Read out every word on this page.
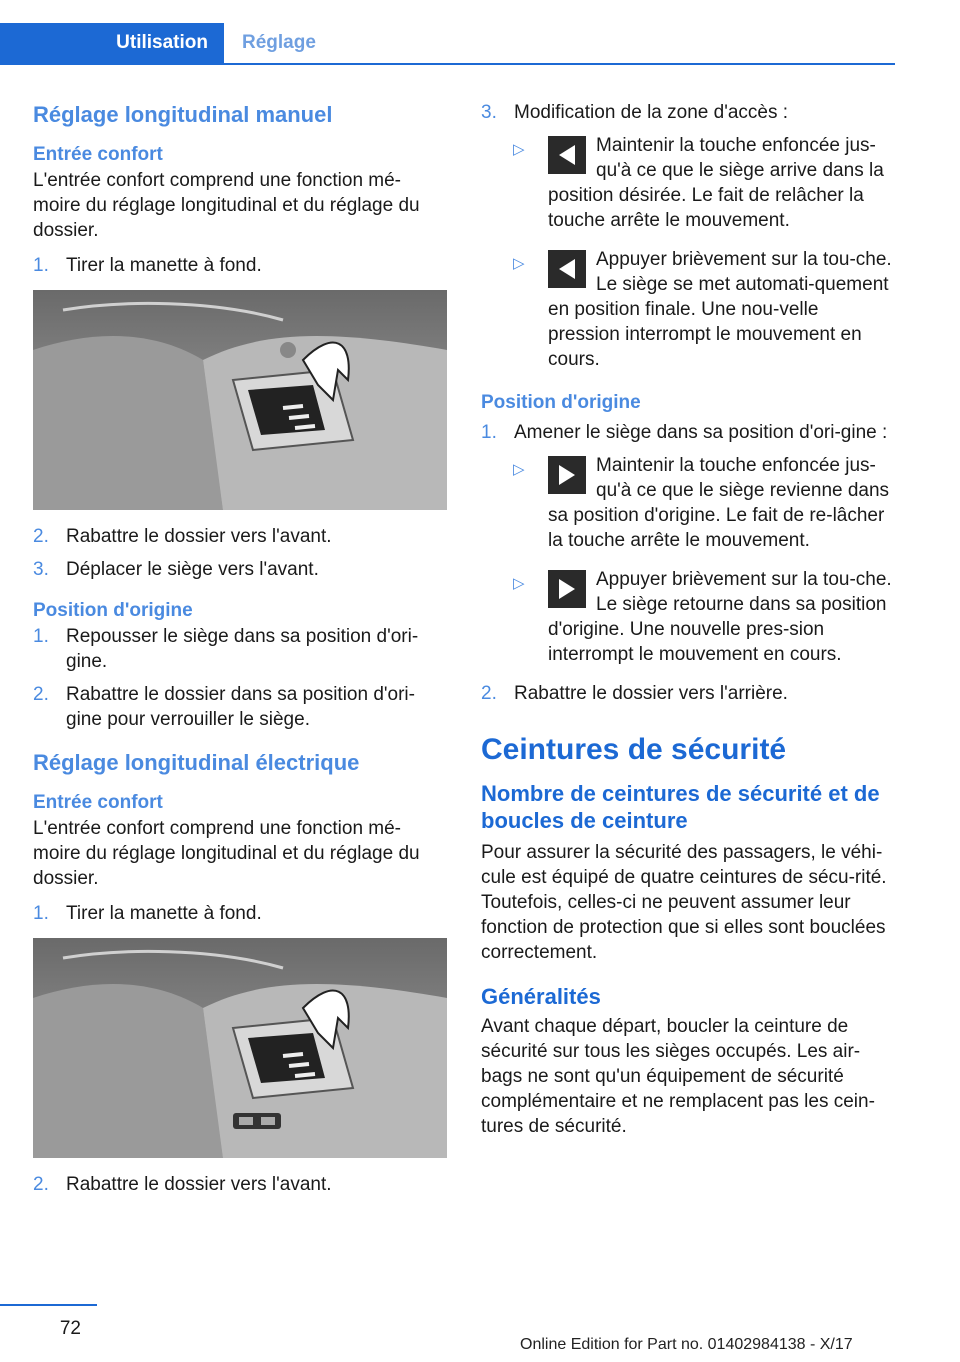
Utilisation	Réglage
Réglage longitudinal manuel
Entrée confort

L'entrée confort comprend une fonction mé‐moire du réglage longitudinal et du réglage du dossier.

1. Tirer la manette à fond.
2. Rabattre le dossier vers l'avant.
3. Déplacer le siège vers l'avant.
Position d'origine
1. Repousser le siège dans sa position d'ori‐gine.
2. Rabattre le dossier dans sa position d'ori‐gine pour verrouiller le siège.
Réglage longitudinal électrique
Entrée confort

L'entrée confort comprend une fonction mé‐moire du réglage longitudinal et du réglage du dossier.

1. Tirer la manette à fond.
2. Rabattre le dossier vers l'avant.
3. Modification de la zone d'accès :
▷	Maintenir la touche enfoncée jus‐qu'à ce que le siège arrive dans la position désirée. Le fait de relâcher la touche arrête le mouvement.
▷	Appuyer brièvement sur la tou‐che. Le siège se met automati‐quement en position finale. Une nou‐velle pression interrompt le mouvement en cours.
Position d'origine
1. Amener le siège dans sa position d'ori‐gine :
▷	Maintenir la touche enfoncée jus‐qu'à ce que le siège revienne dans sa position d'origine. Le fait de re‐lâcher la touche arrête le mouvement.
▷	Appuyer brièvement sur la tou‐che. Le siège retourne dans sa position d'origine. Une nouvelle pres‐sion interrompt le mouvement en cours.
2. Rabattre le dossier vers l'arrière.
Ceintures de sécurité
Nombre de ceintures de sécurité et de boucles de ceinture

Pour assurer la sécurité des passagers, le véhi‐cule est équipé de quatre ceintures de sécu‐rité. Toutefois, celles-ci ne peuvent assumer leur fonction de protection que si elles sont bouclées correctement.

Généralités

Avant chaque départ, boucler la ceinture de sécurité sur tous les sièges occupés. Les air‐bags ne sont qu'un équipement de sécurité complémentaire et ne remplacent pas les cein‐tures de sécurité.

72
Online Edition for Part no. 01402984138 - X/17
